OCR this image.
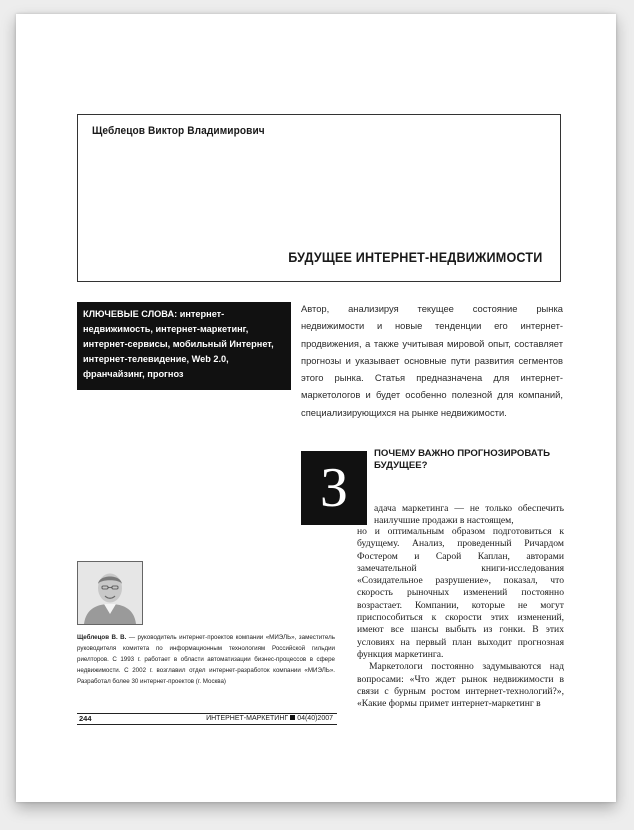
Щеблецов Виктор Владимирович
БУДУЩЕЕ ИНТЕРНЕТ-НЕДВИЖИМОСТИ
КЛЮЧЕВЫЕ СЛОВА: интернет-недвижимость, интернет-маркетинг, интернет-сервисы, мобильный Интернет, интернет-телевидение, Web 2.0, франчайзинг, прогноз
Автор, анализируя текущее состояние рынка недвижимости и новые тенденции его интернет-продвижения, а также учитывая мировой опыт, составляет прогнозы и указывает основные пути развития сегментов этого рынка. Статья предназначена для интернет-маркетологов и будет особенно полезной для компаний, специализирующихся на рынке недвижимости.
З
ПОЧЕМУ ВАЖНО ПРОГНОЗИРОВАТЬ БУДУЩЕЕ?
адача маркетинга — не только обеспечить наилучшие продажи в настоящем,

но и оптимальным образом подготовиться к будущему. Анализ, проведенный Ричардом Фостером и Сарой Каплан, авторами замечательной книги-исследования «Созидательное разрушение», показал, что скорость рыночных изменений постоянно возрастает. Компании, которые не могут приспособиться к скорости этих изменений, имеют все шансы выбыть из гонки. В этих условиях на первый план выходит прогнозная функция маркетинга.

Маркетологи постоянно задумываются над вопросами: «Что ждет рынок недвижимости в связи с бурным ростом интернет-технологий?», «Какие формы примет интернет-маркетинг в

Щеблецов В. В. — руководитель интернет-проектов компании «МИЭЛЬ», заместитель руководителя комитета по информационным технологиям Российской гильдии риелторов. С 1993 г. работает в области автоматизации бизнес-процессов в сфере недвижимости. С 2002 г. возглавил отдел интернет-разработок компании «МИЭЛЬ». Разработал более 30 интернет-проектов (г. Москва)
244	ИНТЕРНЕТ-МАРКЕТИНГ 04(40)2007
